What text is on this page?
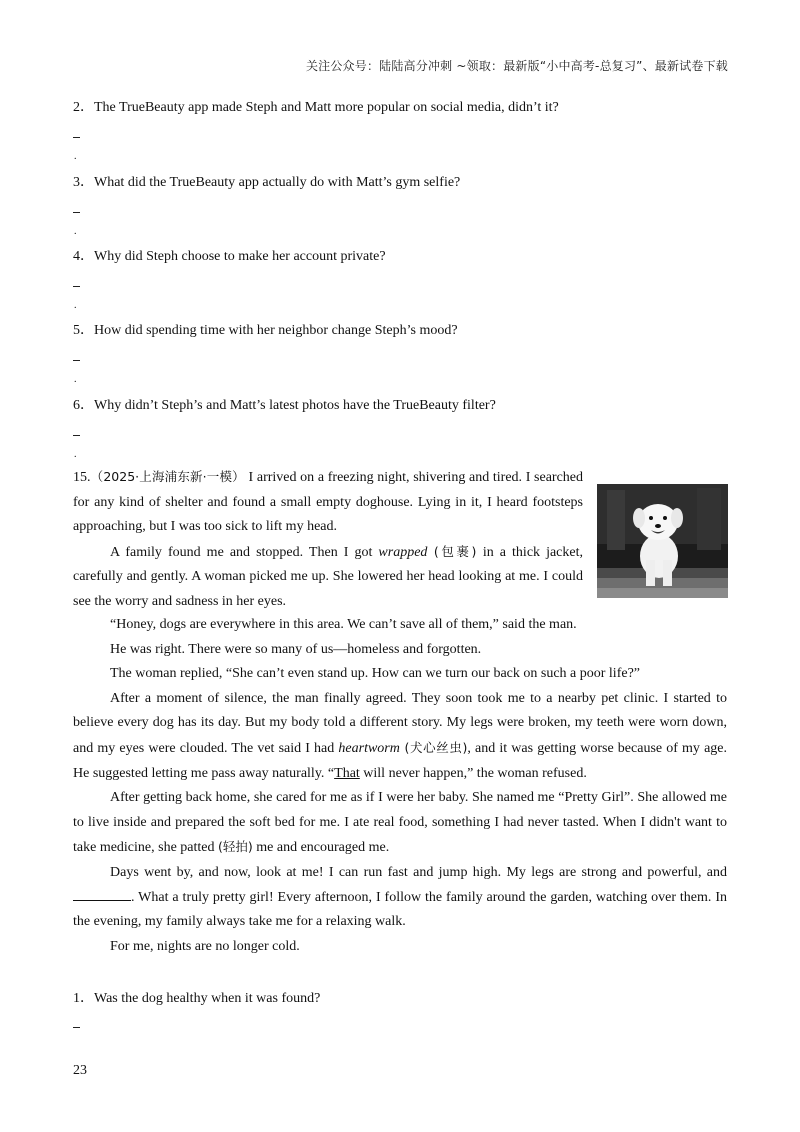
关注公众号：陆陆高分冲刺 ~领取：最新版“小中高考-总复习”、最新试卷下载
2．The TrueBeauty app made Steph and Matt more popular on social media, didn’t it?
.
3．What did the TrueBeauty app actually do with Matt’s gym selfie?
.
4．Why did Steph choose to make her account private?
.
5．How did spending time with her neighbor change Steph’s mood?
.
6．Why didn’t Steph’s and Matt’s latest photos have the TrueBeauty filter?
.

15.（2025·上海浦东新·一模） I arrived on a freezing night, shivering and tired. I searched for any kind of shelter and found a small empty doghouse. Lying in it, I heard footsteps approaching, but I was too sick to lift my head.

A family found me and stopped. Then I got wrapped (包裹) in a thick jacket, carefully and gently. A woman picked me up. She lowered her head looking at me. I could see the worry and sadness in her eyes.

“Honey, dogs are everywhere in this area. We can’t save all of them,” said the man.

He was right. There were so many of us—homeless and forgotten.

The woman replied, “She can’t even stand up. How can we turn our back on such a poor life?”

After a moment of silence, the man finally agreed. They soon took me to a nearby pet clinic. I started to believe every dog has its day. But my body told a different story. My legs were broken, my teeth were worn down, and my eyes were clouded. The vet said I had heartworm (犬心丝虫), and it was getting worse because of my age. He suggested letting me pass away naturally. “That will never happen,” the woman refused.

After getting back home, she cared for me as if I were her baby. She named me “Pretty Girl”. She allowed me to live inside and prepared the soft bed for me. I ate real food, something I had never tasted. When I didn't want to take medicine, she patted (轻拍) me and encouraged me.

Days went by, and now, look at me! I can run fast and jump high. My legs are strong and powerful, and . What a truly pretty girl! Every afternoon, I follow the family around the garden, watching over them. In the evening, my family always take me for a relaxing walk.

For me, nights are no longer cold.

1．Was the dog healthy when it was found?
23
